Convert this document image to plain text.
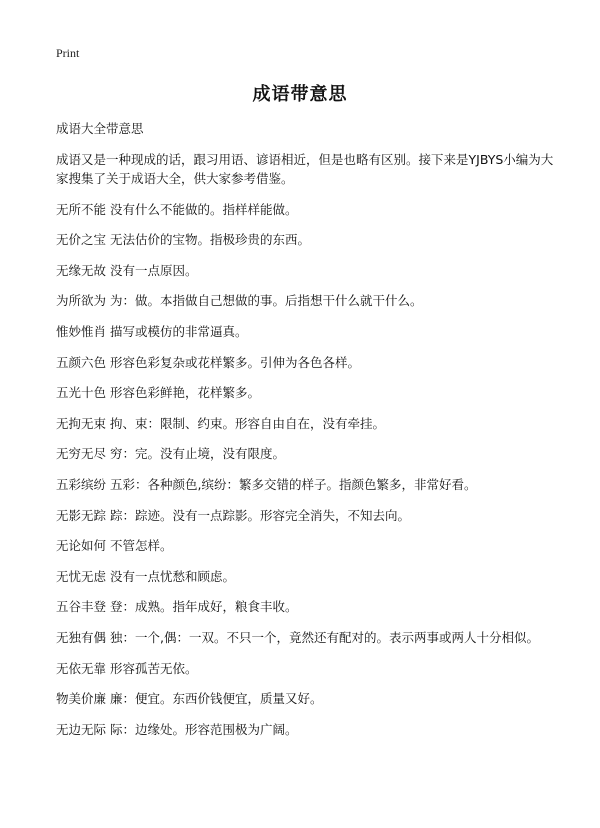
Print
成语带意思
成语大全带意思

成语又是一种现成的话，跟习用语、谚语相近，但是也略有区别。接下来是YJBYS小编为大家搜集了关于成语大全，供大家参考借鉴。

无所不能 没有什么不能做的。指样样能做。

无价之宝 无法估价的宝物。指极珍贵的东西。

无缘无故 没有一点原因。

为所欲为 为：做。本指做自己想做的事。后指想干什么就干什么。

惟妙惟肖 描写或模仿的非常逼真。

五颜六色 形容色彩复杂或花样繁多。引伸为各色各样。

五光十色 形容色彩鲜艳，花样繁多。

无拘无束 拘、束：限制、约束。形容自由自在，没有牵挂。

无穷无尽 穷：完。没有止境，没有限度。

五彩缤纷 五彩：各种颜色,缤纷：繁多交错的样子。指颜色繁多，非常好看。

无影无踪 踪：踪迹。没有一点踪影。形容完全消失，不知去向。

无论如何 不管怎样。

无忧无虑 没有一点忧愁和顾虑。

五谷丰登 登：成熟。指年成好，粮食丰收。

无独有偶 独：一个,偶：一双。不只一个，竟然还有配对的。表示两事或两人十分相似。

无依无靠 形容孤苦无依。

物美价廉 廉：便宜。东西价钱便宜，质量又好。

无边无际 际：边缘处。形容范围极为广阔。
